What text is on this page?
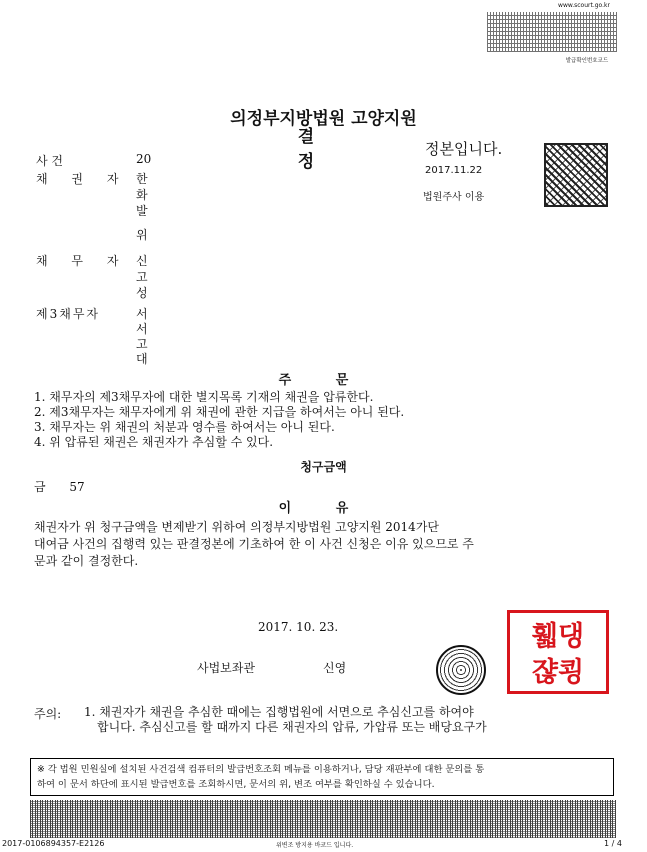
www.scourt.go.kr
발급확인번호코드
의정부지방법원 고양지원
결 정
정본입니다.
2017.11.22
법원주사 이용
사 건	20
채 권 자 한
화
발
위
채 무 자 신
고
성
제3채무자	서
서
고
대
주 문
1. 채무자의 제3채무자에 대한 별지목록 기재의 채권을 압류한다.
2. 제3채무자는 채무자에게 위 채권에 관한 지급을 하여서는 아니 된다.
3. 채무자는 위 채권의 처분과 영수를 하여서는 아니 된다.
4. 위 압류된 채권은 채권자가 추심할 수 있다.
청구금액
금 57
이 유
채권자가 위 청구금액을 변제받기 위하여 의정부지방법원 고양지원 2014가단
대여금 사건의 집행력 있는 판결정본에 기초하여 한 이 사건 신청은 이유 있으므로 주
문과 같이 결정한다.
2017. 10. 23.
사법보좌관	신영
휇댕
쟎쾽
주의: 1. 채권자가 채권을 추심한 때에는 집행법원에 서면으로 추심신고를 하여야
합니다. 추심신고를 할 때까지 다른 채권자의 압류, 가압류 또는 배당요구가
※ 각 법원 민원실에 설치된 사건검색 컴퓨터의 발급번호조회 메뉴를 이용하거나, 담당 재판부에 대한 문의를 통
하여 이 문서 하단에 표시된 발급번호를 조회하시면, 문서의 위, 변조 여부를 확인하실 수 있습니다.
2017-0106894357-E2126	위변조 방지용 바코드 입니다.	1 / 4
